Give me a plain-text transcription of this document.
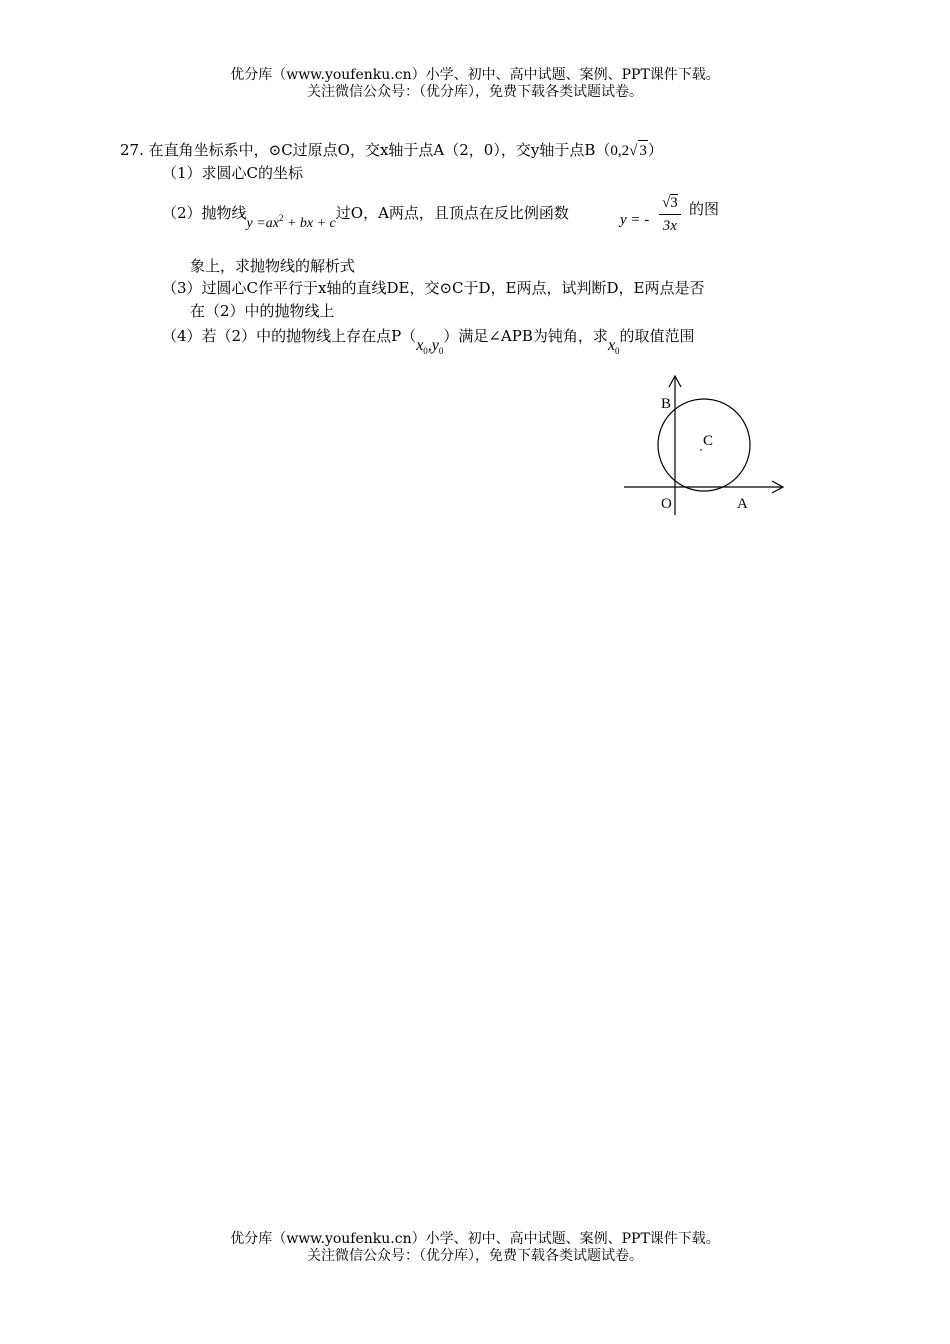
优分库（www.youfenku.cn）小学、初中、高中试题、案例、PPT课件下载。
关注微信公众号：（优分库），免费下载各类试题试卷。
27. 在直角坐标系中，⊙C过原点O，交x轴于点A（2，0），交y轴于点B（0,2√ 3）
（1）求圆心C的坐标
（2）抛物线$y =ax^2$ + bx + c过O，A两点，且顶点在反比例函数	y = - $\frac{√3}{3x}$ 的图
象上，求抛物线的解析式
（3）过圆心C作平行于x轴的直线DE，交⊙C于D，E两点，试判断D，E两点是否
在（2）中的抛物线上
（4）若（2）中的抛物线上存在点$P(x_0,y_0)$满足∠APB为钝角，求$x_0$的取值范围
B
C
O	A
优分库（www.youfenku.cn）小学、初中、高中试题、案例、PPT课件下载。
关注微信公众号：（优分库），免费下载各类试题试卷。
